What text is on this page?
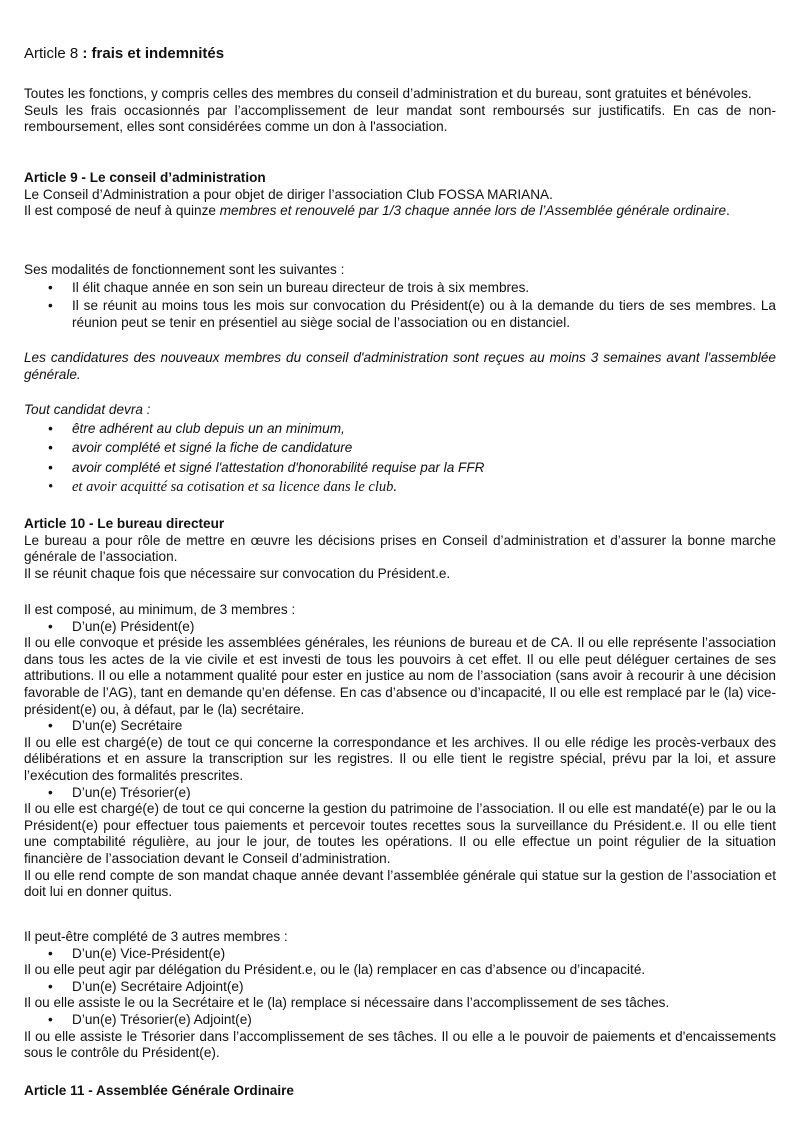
Article 8 : frais et indemnités

Toutes les fonctions, y compris celles des membres du conseil d’administration et du bureau, sont gratuites et bénévoles.

Seuls les frais occasionnés par l’accomplissement de leur mandat sont remboursés sur justificatifs. En cas de non-remboursement, elles sont considérées comme un don à l'association.

Article 9 - Le conseil d’administration

Le Conseil d’Administration a pour objet de diriger l’association Club FOSSA MARIANA.

Il est composé de neuf à quinze membres et renouvelé par 1/3 chaque année lors de l’Assemblée générale ordinaire.

Ses modalités de fonctionnement sont les suivantes :

• Il élit chaque année en son sein un bureau directeur de trois à six membres.
• Il se réunit au moins tous les mois sur convocation du Président(e) ou à la demande du tiers de ses membres. La réunion peut se tenir en présentiel au siège social de l’association ou en distanciel.

Les candidatures des nouveaux membres du conseil d'administration sont reçues au moins 3 semaines avant l'assemblée générale.

Tout candidat devra :

• être adhérent au club depuis un an minimum,
• avoir complété et signé la fiche de candidature
• avoir complété et signé l'attestation d'honorabilité requise par la FFR
• et avoir acquitté sa cotisation et sa licence dans le club.

Article 10 - Le bureau directeur

Le bureau a pour rôle de mettre en œuvre les décisions prises en Conseil d’administration et d’assurer la bonne marche générale de l’association.

Il se réunit chaque fois que nécessaire sur convocation du Président.e.

Il est composé, au minimum, de 3 membres :

• D’un(e) Président(e)

Il ou elle convoque et préside les assemblées générales, les réunions de bureau et de CA. Il ou elle représente l’association dans tous les actes de la vie civile et est investi de tous les pouvoirs à cet effet. Il ou elle peut déléguer certaines de ses attributions. Il ou elle a notamment qualité pour ester en justice au nom de l’association (sans avoir à recourir à une décision favorable de l’AG), tant en demande qu’en défense. En cas d’absence ou d’incapacité, Il ou elle est remplacé par le (la) vice-président(e) ou, à défaut, par le (la) secrétaire.

• D’un(e) Secrétaire

Il ou elle est chargé(e) de tout ce qui concerne la correspondance et les archives. Il ou elle rédige les procès-verbaux des délibérations et en assure la transcription sur les registres. Il ou elle tient le registre spécial, prévu par la loi, et assure l’exécution des formalités prescrites.

• D’un(e) Trésorier(e)

Il ou elle est chargé(e) de tout ce qui concerne la gestion du patrimoine de l’association. Il ou elle est mandaté(e) par le ou la Président(e) pour effectuer tous paiements et percevoir toutes recettes sous la surveillance du Président.e. Il ou elle tient une comptabilité régulière, au jour le jour, de toutes les opérations. Il ou elle effectue un point régulier de la situation financière de l’association devant le Conseil d’administration.

Il ou elle rend compte de son mandat chaque année devant l’assemblée générale qui statue sur la gestion de l’association et doit lui en donner quitus.

Il peut-être complété de 3 autres membres :

• D’un(e) Vice-Président(e)

Il ou elle peut agir par délégation du Président.e, ou le (la) remplacer en cas d’absence ou d’incapacité.

• D’un(e) Secrétaire Adjoint(e)

Il ou elle assiste le ou la Secrétaire et le (la) remplace si nécessaire dans l’accomplissement de ses tâches.

• D’un(e) Trésorier(e) Adjoint(e)

Il ou elle assiste le Trésorier dans l’accomplissement de ses tâches. Il ou elle a le pouvoir de paiements et d'encaissements sous le contrôle du Président(e).

Article 11 - Assemblée Générale Ordinaire
